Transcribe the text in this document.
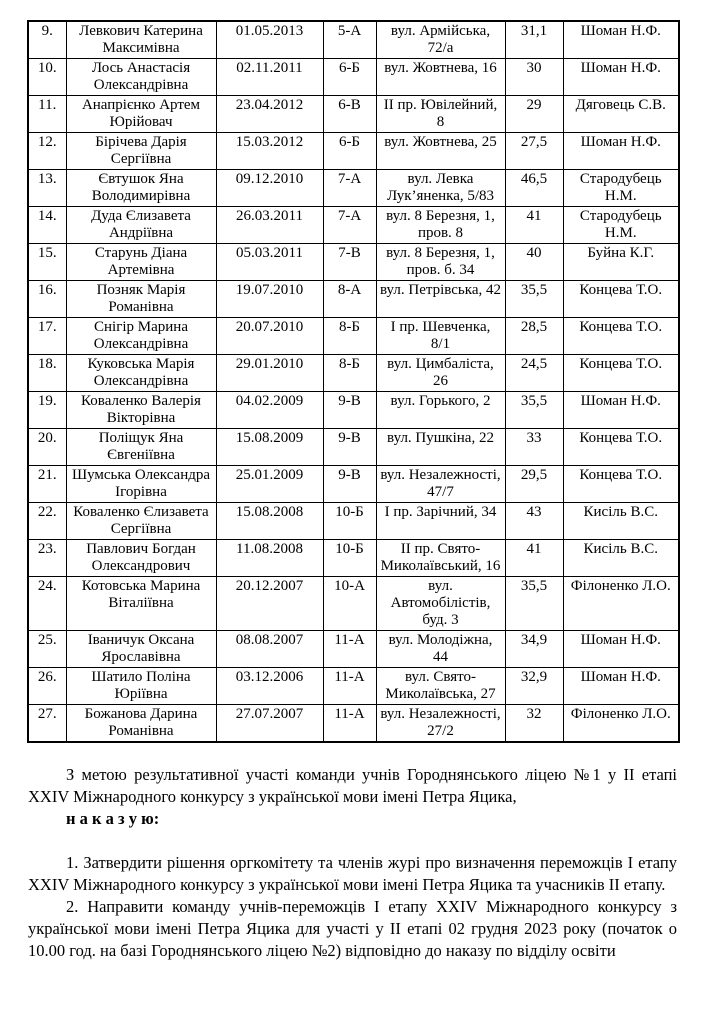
9.	Левкович Катерина Максимівна	01.05.2013	5-А	вул. Армійська, 72/а	31,1	Шоман Н.Ф.
10.	Лось Анастасія Олександрівна	02.11.2011	6-Б	вул. Жовтнева, 16	30	Шоман Н.Ф.
11.	Анапрієнко Артем Юрійовач	23.04.2012	6-В	ІІ пр. Ювілейний, 8	29	Дяговець С.В.
12.	Бірічева Дарія Сергіївна	15.03.2012	6-Б	вул. Жовтнева, 25	27,5	Шоман Н.Ф.
13.	Євтушок Яна Володимирівна	09.12.2010	7-А	вул. Левка Лук’яненка, 5/83	46,5	Стародубець Н.М.
14.	Дуда Єлизавета Андріївна	26.03.2011	7-А	вул. 8 Березня, 1, пров. 8	41	Стародубець Н.М.
15.	Старунь Діана Артемівна	05.03.2011	7-В	вул. 8 Березня, 1, пров. б. 34	40	Буйна К.Г.
16.	Позняк Марія Романівна	19.07.2010	8-А	вул. Петрівська, 42	35,5	Концева Т.О.
17.	Снігір Марина Олександрівна	20.07.2010	8-Б	І пр. Шевченка, 8/1	28,5	Концева Т.О.
18.	Куковська Марія Олександрівна	29.01.2010	8-Б	вул. Цимбаліста, 26	24,5	Концева Т.О.
19.	Коваленко Валерія Вікторівна	04.02.2009	9-В	вул. Горького, 2	35,5	Шоман Н.Ф.
20.	Поліщук Яна Євгеніївна	15.08.2009	9-В	вул. Пушкіна, 22	33	Концева Т.О.
21.	Шумська Олександра Ігорівна	25.01.2009	9-В	вул. Незалежності, 47/7	29,5	Концева Т.О.
22.	Коваленко Єлизавета Сергіївна	15.08.2008	10-Б	І пр. Зарічний, 34	43	Кисіль В.С.
23.	Павлович Богдан Олександрович	11.08.2008	10-Б	ІІ пр. Свято-Миколаївський, 16	41	Кисіль В.С.
24.	Котовська Марина Віталіївна	20.12.2007	10-А	вул. Автомобілістів, буд. 3	35,5	Філоненко Л.О.
25.	Іваничук Оксана Ярославівна	08.08.2007	11-А	вул. Молодіжна, 44	34,9	Шоман Н.Ф.
26.	Шатило Поліна Юріївна	03.12.2006	11-А	вул. Свято-Миколаївська, 27	32,9	Шоман Н.Ф.
27.	Божанова Дарина Романівна	27.07.2007	11-А	вул. Незалежності, 27/2	32	Філоненко Л.О.

З метою результативної участі команди учнів Городнянського ліцею №1 у ІІ етапі XXIV Міжнародного конкурсу з української мови імені Петра Яцика,

н а к а з у ю:

1. Затвердити рішення оргкомітету та членів журі про визначення переможців І етапу XXIV Міжнародного конкурсу з української мови імені Петра Яцика та учасників ІІ етапу.

2. Направити команду учнів-переможців І етапу XXIV Міжнародного конкурсу з української мови імені Петра Яцика для участі у ІІ етапі 02 грудня 2023 року (початок о 10.00 год. на базі Городнянського ліцею №2) відповідно до наказу по відділу освіти
